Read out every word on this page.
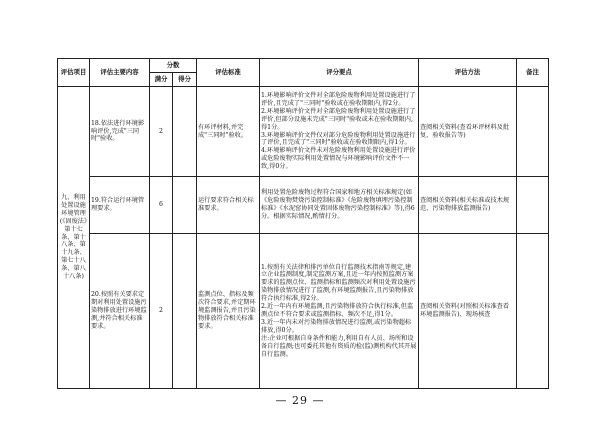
评估项目	评估主要内容	分数		评估标准	评分要点	评估方法	备注
		满分	得分				
九、利用处置设施环境管理(《固废法》第十七条、第十八条、第十九条、第七十八条、第八十八条)	18.依法进行环境影响评价,完成"三同时"验收。	2		有环评材料,并完成"三同时"验收。	1.环境影响评价文件对全部危险废物利用处置设施进行了评价,且完成了"三同时"验收或在验收期限内,得2分。
2.环境影响评价文件对全部危险废物利用处置设施进行了评价,但部分设施未完成"三同时"验收或未在验收期限内,得1分。
3.环境影响评价文件仅对部分危险废物利用处置设施进行了评价,且完成了"三同时"验收或在验收期限内,得1分。
4.环境影响评价文件未对危险废物利用处置设施进行评价或危险废物实际利用处置情况与环境影响评价文件不一致,得0分。	查阅相关资料(查看环评材料及批复、验收报告等)	
	19.符合运行环境管理要求。	6		运行要求符合相关标准要求。	利用处置危险废物过程符合国家和地方相关标准规定(如《危险废物焚烧污染控制标准》《危险废物填埋污染控制标准》《水泥窑协同处置固体废物污染控制标准》等),得6分。根据实际情况,酌情打分。	查阅相关资料(相关标准或技术规范、污染物排放监测报告)	
	20.按照有关要求定期对利用处置设施污染物排放进行环境监测,并符合相关标准要求。	2		监测点位、指标及频次符合要求,并定期环境监测报告,并且污染物排放符合相关标准要求。	1.按照有关法律和排污单位自行监测技术指南等规定,建立企业监测制度,制定监测方案,且近一年内按照监测方案要求的监测点位、监测指标和监测频次对利用处置设施污染物排放情况进行了监测,有环境监测报告,且污染物排放符合执行标准,得2分。
2.近一年内有环境监测,且污染物排放符合执行标准,但监测点位不符合要求或监测指标、频次不足,得1分。
3.近一年内未对污染物排放情况进行监测,或污染物超标排放,得0分。
注:企业可根据自身条件和能力,利用自有人员、场所和设备自行监测;也可委托其他有资质的检(监)测机构代其开展自行监测。	查阅相关资料(对照相关标准查看环境监测报告)、现场核查	
— 29 —
